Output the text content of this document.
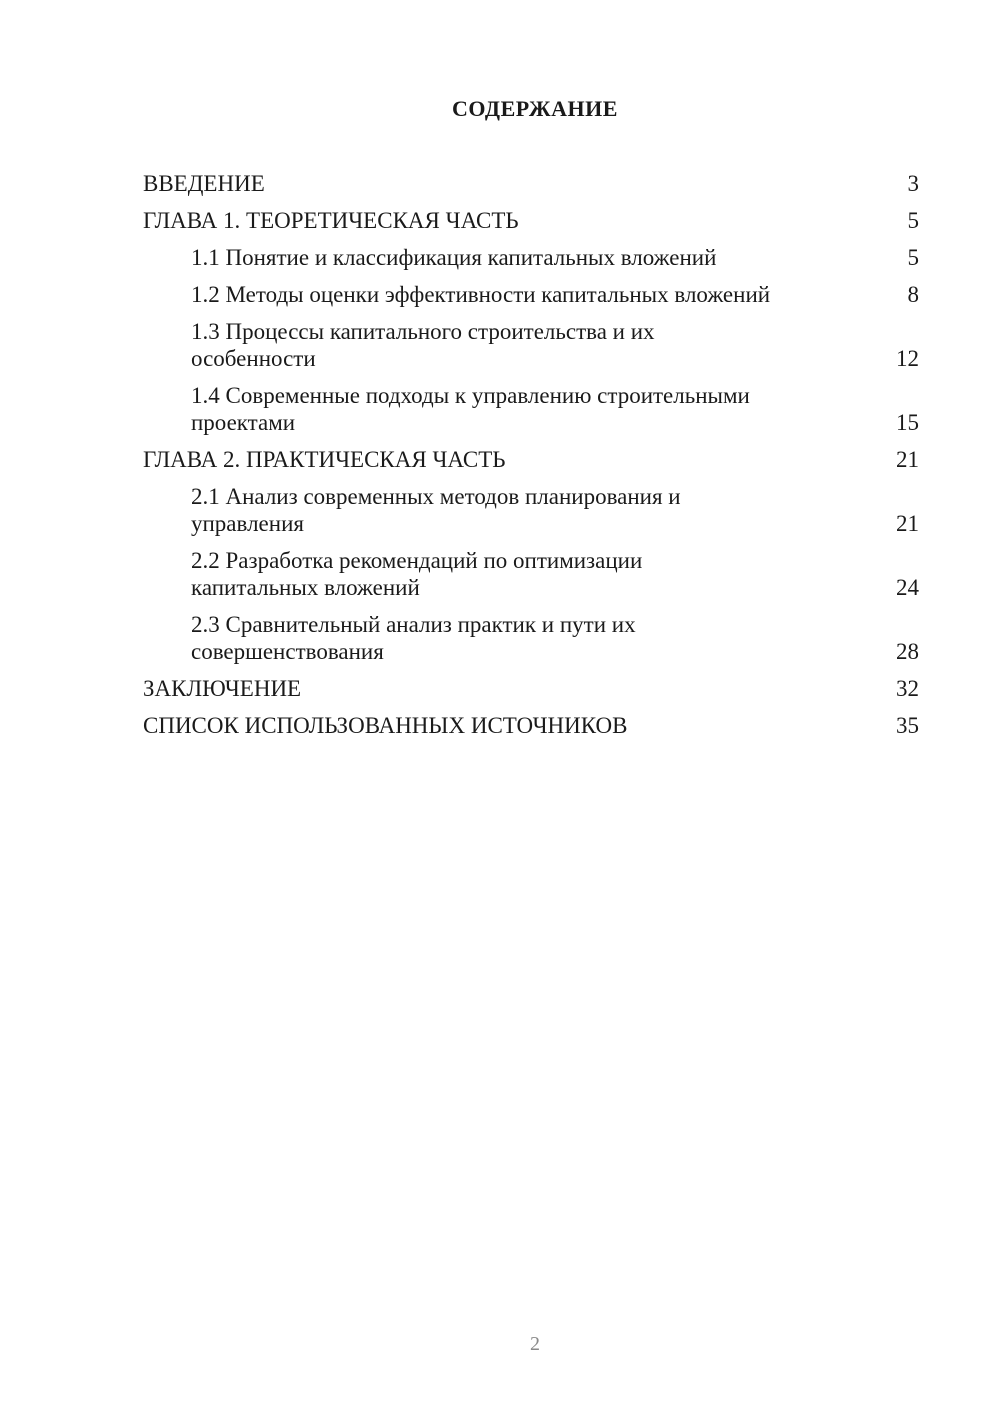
СОДЕРЖАНИЕ
ВВЕДЕНИЕ	3
ГЛАВА 1. ТЕОРЕТИЧЕСКАЯ ЧАСТЬ	5
1.1 Понятие и классификация капитальных вложений	5
1.2 Методы оценки эффективности капитальных вложений	8
1.3 Процессы капитального строительства и их особенности	12
1.4 Современные подходы к управлению строительными проектами	15
ГЛАВА 2. ПРАКТИЧЕСКАЯ ЧАСТЬ	21
2.1 Анализ современных методов планирования и управления	21
2.2 Разработка рекомендаций по оптимизации капитальных вложений	24
2.3 Сравнительный анализ практик и пути их совершенствования	28
ЗАКЛЮЧЕНИЕ	32
СПИСОК ИСПОЛЬЗОВАННЫХ ИСТОЧНИКОВ	35
2
